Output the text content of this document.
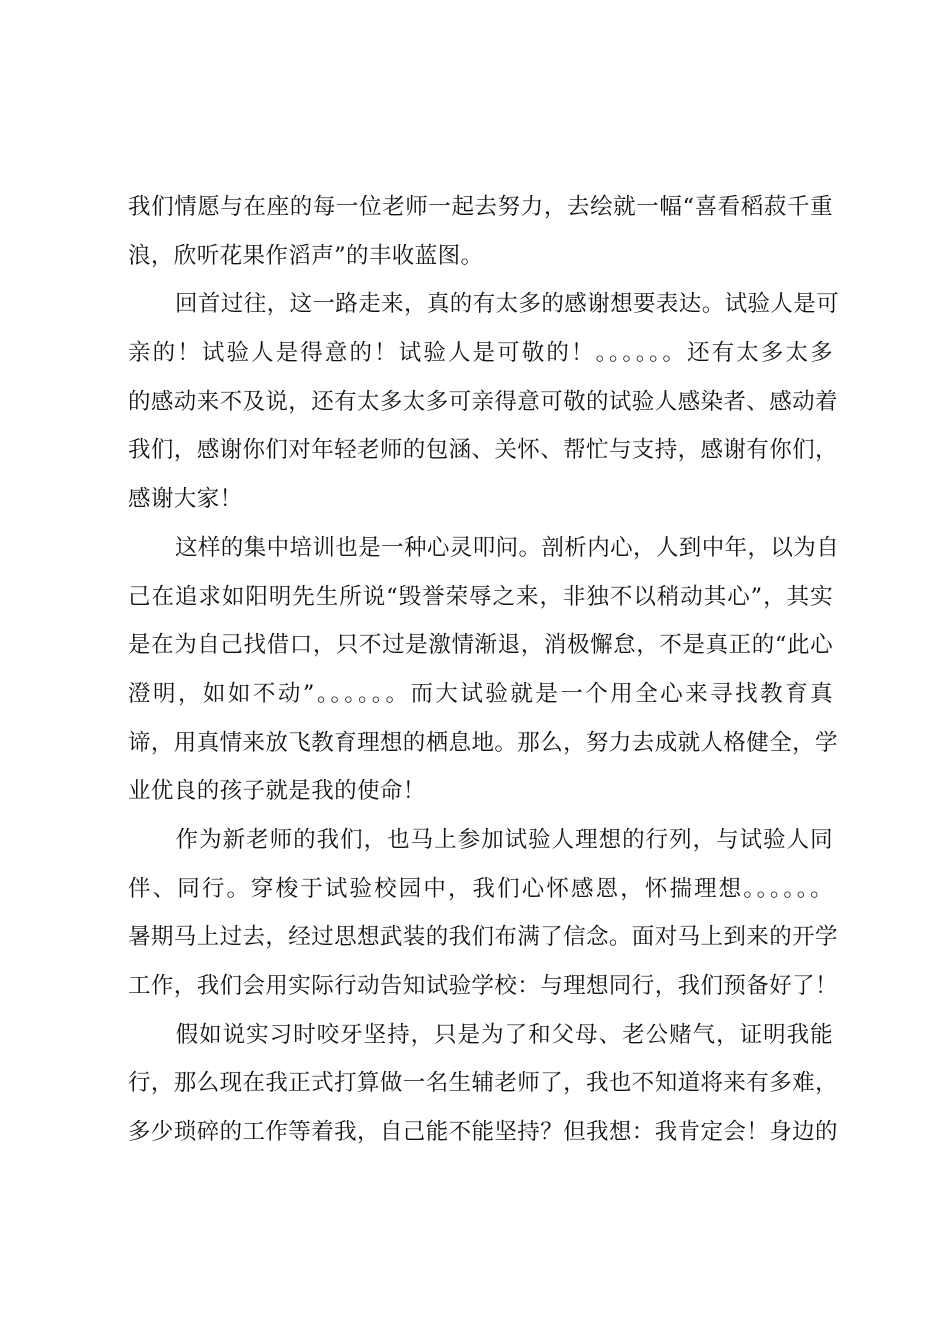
我们情愿与在座的每一位老师一起去努力，去绘就一幅“喜看稻菽千重
浪，欣听花果作滔声”的丰收蓝图。
回首过往，这一路走来，真的有太多的感谢想要表达。试验人是可
亲的！试验人是得意的！试验人是可敬的！。。。。。。还有太多太多
的感动来不及说，还有太多太多可亲得意可敬的试验人感染者、感动着
我们，感谢你们对年轻老师的包涵、关怀、帮忙与支持，感谢有你们，
感谢大家！
这样的集中培训也是一种心灵叩问。剖析内心，人到中年，以为自
己在追求如阳明先生所说“毁誉荣辱之来，非独不以稍动其心”，其实
是在为自己找借口，只不过是激情渐退，消极懈怠，不是真正的“此心
澄明，如如不动”。。。。。。而大试验就是一个用全心来寻找教育真
谛，用真情来放飞教育理想的栖息地。那么，努力去成就人格健全，学
业优良的孩子就是我的使命！
作为新老师的我们，也马上参加试验人理想的行列，与试验人同
伴、同行。穿梭于试验校园中，我们心怀感恩，怀揣理想。。。。。。
暑期马上过去，经过思想武装的我们布满了信念。面对马上到来的开学
工作，我们会用实际行动告知试验学校：与理想同行，我们预备好了！
假如说实习时咬牙坚持，只是为了和父母、老公赌气，证明我能
行，那么现在我正式打算做一名生辅老师了，我也不知道将来有多难，
多少琐碎的工作等着我，自己能不能坚持？但我想：我肯定会！身边的
